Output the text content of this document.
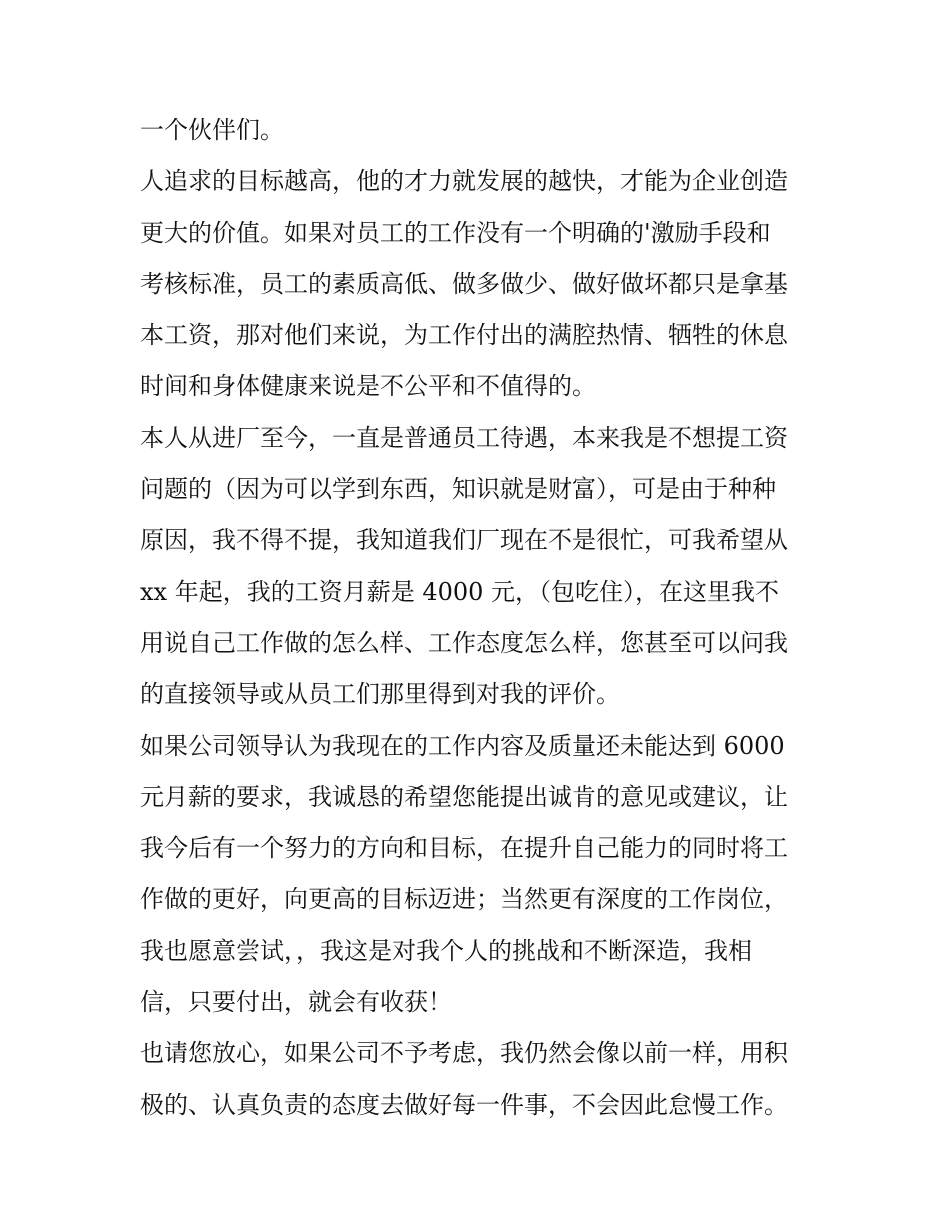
一个伙伴们。
人追求的目标越高，他的才力就发展的越快，才能为企业创造
更大的价值。如果对员工的工作没有一个明确的'激励手段和
考核标准，员工的素质高低、做多做少、做好做坏都只是拿基
本工资，那对他们来说，为工作付出的满腔热情、牺牲的休息
时间和身体健康来说是不公平和不值得的。
本人从进厂至今，一直是普通员工待遇，本来我是不想提工资
问题的（因为可以学到东西，知识就是财富），可是由于种种
原因，我不得不提，我知道我们厂现在不是很忙，可我希望从
xx 年起，我的工资月薪是 4000 元，（包吃住），在这里我不
用说自己工作做的怎么样、工作态度怎么样，您甚至可以问我
的直接领导或从员工们那里得到对我的评价。
如果公司领导认为我现在的工作内容及质量还未能达到 6000
元月薪的要求，我诚恳的希望您能提出诚肯的意见或建议，让
我今后有一个努力的方向和目标，在提升自己能力的同时将工
作做的更好，向更高的目标迈进；当然更有深度的工作岗位，
我也愿意尝试，，我这是对我个人的挑战和不断深造，我相
信，只要付出，就会有收获！
也请您放心，如果公司不予考虑，我仍然会像以前一样，用积
极的、认真负责的态度去做好每一件事，不会因此怠慢工作。
